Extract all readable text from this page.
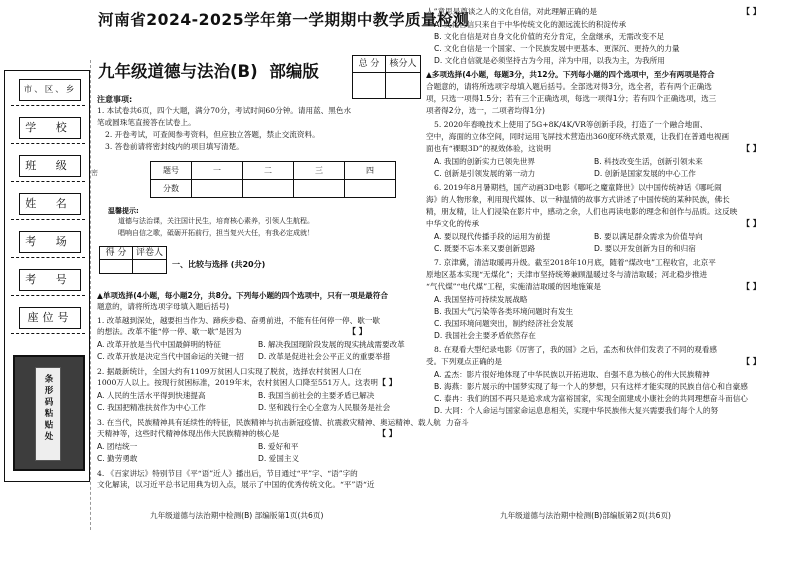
市、区、乡
学 校
班 级
姓 名
考 场
考 号
座位号
条形码粘贴处
密
河南省2024-2025学年第一学期期中教学质量检测
九年级道德与法治(B) 部编版	总 分	核分人
注意事项:
1. 本试卷共6页，四个大题，满分70分，考试时间60分钟。请用蓝、黑色水
笔或圆珠笔直接答在试卷上。
2. 开卷考试，可查阅参考资料，但应独立答题，禁止交流资料。
3. 答卷前请将密封线内的项目填写清楚。
题号	一	二	三	四
分数				
温馨提示:
道德与法治课，关注国计民生，培育核心素养，引领人生航程。
唱响自信之歌，砥砺开拓前行，担当复兴大任，有我必定成就！
得 分	评卷人
一、比较与选择 (共20分)
▲单项选择(4小题，每小题2分，共8分。下列每小题的四个选项中，只有一项是最符合
题意的，请将所选项字母填入题后括号)
1. 改革越到深处，越要担当作为、蹄疾步稳、奋勇前进，不能有任何停一停、歇一歇
的想法。改革不能“停一停、歇一歇”是因为	【 】
A. 改革开放是当代中国最鲜明的特征	B. 解决我国现阶段发展的现实挑战需要改革
C. 改革开放是决定当代中国命运的关键一招 D. 改革是促进社会公平正义的重要举措
2. 据最新统计，全国大约有1109万贫困人口实现了脱贫，选择农村贫困人口在
1000万人以上。按现行贫困标准，2019年末，农村贫困人口降至551万人。这表明 【 】
A. 人民的生活水平得到快速提高	B. 我国当前社会的主要矛盾已解决
C. 我国把精准扶贫作为中心工作	D. 坚和践行全心全意为人民服务是社会
3. 在当代，民族精神具有延续性的特征，民族精神与抗击新冠疫情、抗震救灾精神、奥运精神、载人航
天精神等，这些时代精神体现出伟大民族精神的核心是	【 】
A. 团结统一	B. 爱好和平
C. 勤劳勇敢	D. 爱国主义
4. 《百家讲坛》特别节目《平“语”近人》播出后，节目通过“平”字、“语”字的
文化解读，以习近平总书记用典为切入点，展示了中国的优秀传统文化。“平”语“近
人”意思是尊谈之人的文化自信，对此理解正确的是	【 】
A. 文化自信只来自于中华传统文化的源远流长的积淀传承
B. 文化自信是对自身文化价值的充分肯定，全盘继承，无需改变不足
C. 文化自信是一个国家、一个民族发展中更基本、更深沉、更持久的力量
D. 文化自信就是必须坚持古为今用，洋为中用，以我为主，为我所用
▲多项选择(4小题，每题3分，共12分。下列每小题的四个选项中，至少有两项是符合
合题意的，请将所选项字母填入题后括号。全部选对得3分，选全者，若有两个正确选
项，只选一项得1.5分；若有三个正确选项，每选一项得1分；若有四个正确选项，选三
项者得2分，选一，二项者均得1分)
5. 2020年春晚技术上使用了5G+8K/4K/VR等创新手段，打造了一个融合地面、
空中，海面的立体空间，同时运用飞屏技术营造出360度环绕式景观，让我们在普通电视画
面也有“裸眼3D”的视效体验，这说明	【 】
A. 我国的创新实力已领先世界	B. 科技改变生活，创新引领未来
C. 创新是引领发展的第一动力	D. 创新是国家发展的中心工作
6. 2019年8月暑期档，国产动画3D电影《哪吒之魔童降世》以中国传统神话《哪吒闹
海》的人物形象，利用现代媒体、以一种温情的故事方式讲述了中国传统的某种民族，佛长
精，朋友精，让人们浸染在影片中，感动之余，人们也再读电影的理念和创作与品质。这反映
中华文化的传承	【 】
A. 要以现代传播手段的运用为前提	B. 要以满足群众需求为价值导向
C. 既要不忘本来又要创新思路	D. 要以开发创新为目的和归宿
7. 京津冀，清洁取暖再升级。截至2018年10月底，随着“煤改电”工程收官，北京平
原地区基本实现“无煤化”；天津市坚持统筹兼顾温暖过冬与清洁取暖；河北稳步推进
“气代煤”“电代煤”工程，实施清洁取暖的因地施策是	【 】
A. 我国坚持可持续发展战略
B. 我国大气污染等各类环境问题时有发生
C. 我国环境问题突出，制约经济社会发展
D. 我国社会主要矛盾依然存在
8. 在观看大型纪录电影《厉害了，我的国》之后，孟杰和伙伴们发表了不同的观看感
受。下列观点正确的是	【 】
A. 孟杰：影片很好地体现了中华民族以开拓进取、自强不息为核心的伟大民族精神
B. 海燕：影片展示的中国梦实现了每一个人的梦想，只有这样才能实现的民族自信心和自豪感
C. 泰冉：我们的国不再只是追求成为富裕国家，实现全面建成小康社会的共同理想奋斗而信心
D. 大同：个人命运与国家命运息息相关，实现中华民族伟大复兴需要我们每个人的努
力奋斗
九年级道德与法治期中检测(B) 部编版第1页(共6页)	九年级道德与法治期中检测(B)部编版第2页(共6页)
